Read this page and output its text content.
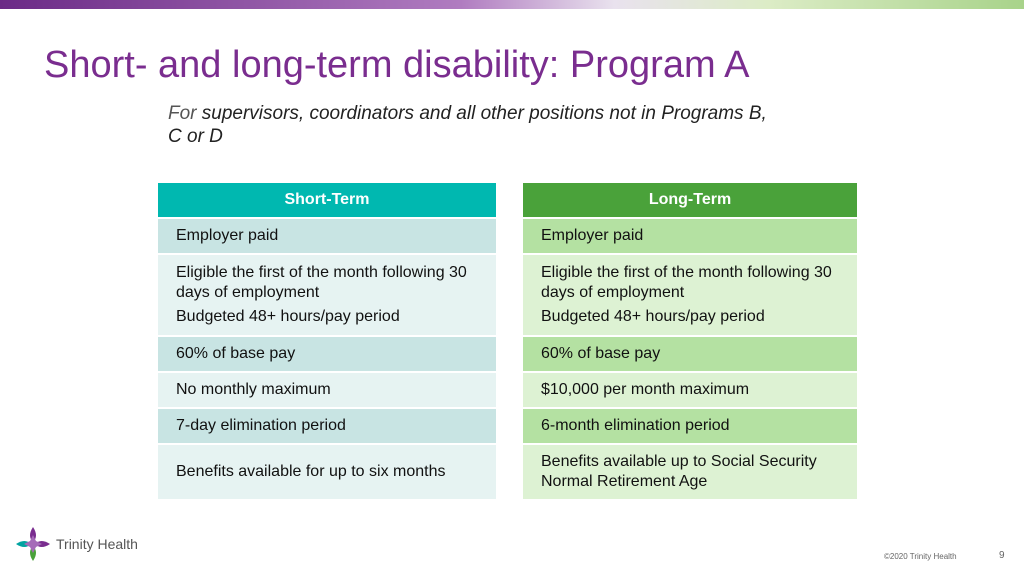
Short- and long-term disability: Program A
For supervisors, coordinators and all other positions not in Programs B, C or D
Short-Term
Employer paid
Eligible the first of the month following 30 days of employment
Budgeted 48+ hours/pay period
60% of base pay
No monthly maximum
7-day elimination period
Benefits available for up to six months
Long-Term
Employer paid
Eligible the first of the month following 30 days of employment
Budgeted 48+ hours/pay period
60% of base pay
$10,000 per month maximum
6-month elimination period
Benefits available up to Social Security Normal Retirement Age
Trinity Health
©2020 Trinity Health	9
